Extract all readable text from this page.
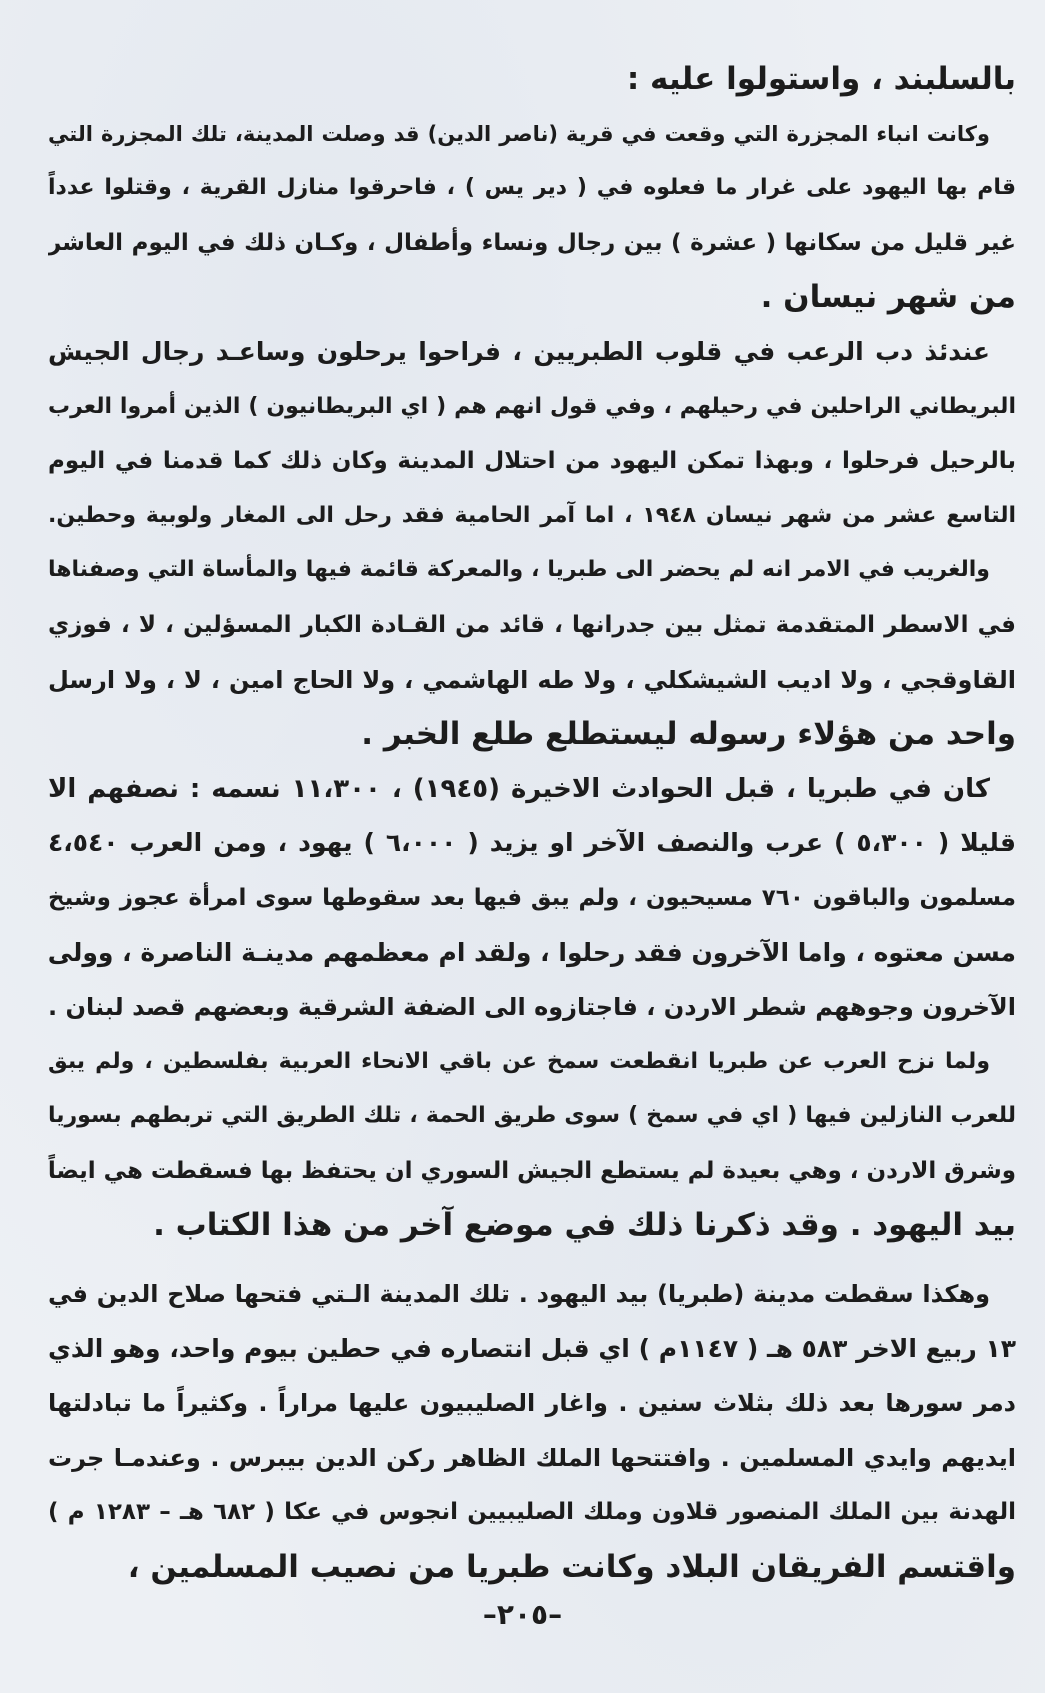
بالسلبند ، واستولوا عليه :
وكانت انباء المجزرة التي وقعت في قرية (ناصر الدين) قد وصلت المدينة، تلك المجزرة التي
قام بها اليهود على غرار ما فعلوه في ( دير يس ) ، فاحرقوا منازل القرية ، وقتلوا عدداً
غير قليل من سكانها ( عشرة ) بين رجال ونساء وأطفال ، وكـان ذلك في اليوم العاشر
من شهر نيسان .
عندئذ دب الرعب في قلوب الطبريين ، فراحوا يرحلون وساعـد رجال الجيش
البريطاني الراحلين في رحيلهم ، وفي قول انهم هم ( اي البريطانيون ) الذين أمروا العرب
بالرحيل فرحلوا ، وبهذا تمكن اليهود من احتلال المدينة وكان ذلك كما قدمنا في اليوم
التاسع عشر من شهر نيسان ١٩٤٨ ، اما آمر الحامية فقد رحل الى المغار ولوبية وحطين.
والغريب في الامر انه لم يحضر الى طبريا ، والمعركة قائمة فيها والمأساة التي وصفناها
في الاسطر المتقدمة تمثل بين جدرانها ، قائد من القـادة الكبار المسؤلين ، لا ، فوزي
القاوقجي ، ولا اديب الشيشكلي ، ولا طه الهاشمي ، ولا الحاج امين ، لا ، ولا ارسل
واحد من هؤلاء رسوله ليستطلع طلع الخبر .
كان في طبريا ، قبل الحوادث الاخيرة (١٩٤٥) ، ١١،٣٠٠ نسمه : نصفهم الا
قليلا ( ٥،٣٠٠ ) عرب والنصف الآخر او يزيد ( ٦،٠٠٠ ) يهود ، ومن العرب ٤،٥٤٠
مسلمون والباقون ٧٦٠ مسيحيون ، ولم يبق فيها بعد سقوطها سوى امرأة عجوز وشيخ
مسن معتوه ، واما الآخرون فقد رحلوا ، ولقد ام معظمهم مدينـة الناصرة ، وولى
الآخرون وجوههم شطر الاردن ، فاجتازوه الى الضفة الشرقية وبعضهم قصد لبنان .
ولما نزح العرب عن طبريا انقطعت سمخ عن باقي الانحاء العربية بفلسطين ، ولم يبق
للعرب النازلين فيها ( اي في سمخ ) سوى طريق الحمة ، تلك الطريق التي تربطهم بسوريا
وشرق الاردن ، وهي بعيدة لم يستطع الجيش السوري ان يحتفظ بها فسقطت هي ايضاً
بيد اليهود . وقد ذكرنا ذلك في موضع آخر من هذا الكتاب .
وهكذا سقطت مدينة (طبريا) بيد اليهود . تلك المدينة الـتي فتحها صلاح الدين في
١٣ ربيع الاخر ٥٨٣ هـ ( ١١٤٧م ) اي قبل انتصاره في حطين بيوم واحد، وهو الذي
دمر سورها بعد ذلك بثلاث سنين . واغار الصليبيون عليها مراراً . وكثيراً ما تبادلتها
ايديهم وايدي المسلمين . وافتتحها الملك الظاهر ركن الدين بيبرس . وعندمـا جرت
الهدنة بين الملك المنصور قلاون وملك الصليبيين انجوس في عكا ( ٦٨٢ هـ – ١٢٨٣ م )
واقتسم الفريقان البلاد وكانت طبريا من نصيب المسلمين ،
–٢٠٥–
